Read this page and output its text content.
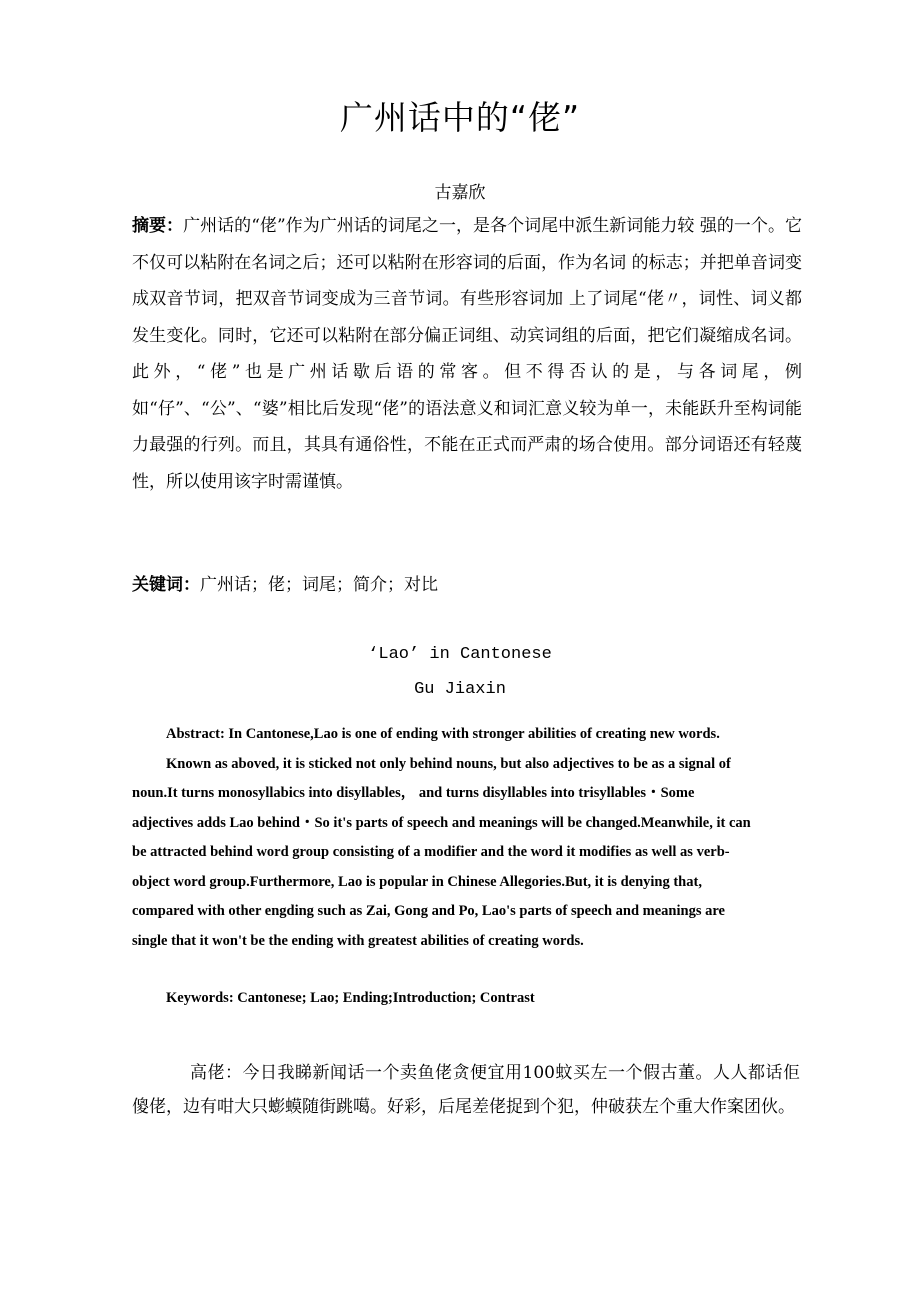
广州话中的“佬”
古嘉欣

摘要：广州话的“佬”作为广州话的词尾之一，是各个词尾中派生新词能力较 强的一个。它不仅可以粘附在名词之后；还可以粘附在形容词的后面，作为名词 的标志；并把单音词变成双音节词，把双音节词变成为三音节词。有些形容词加 上了词尾“佬〃，词性、词义都发生变化。同时，它还可以粘附在部分偏正词组、动宾词组的后面，把它们凝缩成名词。此外，“佬”也是广州话歇后语的常客。但不得否认的是，与各词尾，例如“仔”、“公”、“婆”相比后发现“佬”的语法意义和词汇意义较为单一，未能跃升至构词能力最强的行列。而且，其具有通俗性，不能在正式而严肃的场合使用。部分词语还有轻蔑性，所以使用该字时需谨慎。

关键词：广州话；佬；词尾；简介；对比

‘Lao’ in Cantonese
Gu Jiaxin

Abstract: In Cantonese,Lao is one of ending with stronger abilities of creating new words.
Known as aboved, it is sticked not only behind nouns, but also adjectives to be as a signal of
noun.It turns monosyllabics into disyllables， and turns disyllables into trisyllables・Some
adjectives adds Lao behind・So it's parts of speech and meanings will be changed.Meanwhile, it can
be attracted behind word group consisting of a modifier and the word it modifies as well as verb-
object word group.Furthermore, Lao is popular in Chinese Allegories.But, it is denying that,
compared with other engding such as Zai, Gong and Po, Lao's parts of speech and meanings are
single that it won't be the ending with greatest abilities of creating words.

Keywords: Cantonese; Lao; Ending;Introduction; Contrast

高佬：今日我睇新闻话一个卖鱼佬贪便宜用100蚊买左一个假古董。人人都话佢傻佬，边有咁大只蟛蟆随街跳噶。好彩，后尾差佬捉到个犯，仲破获左个重大作案团伙。
